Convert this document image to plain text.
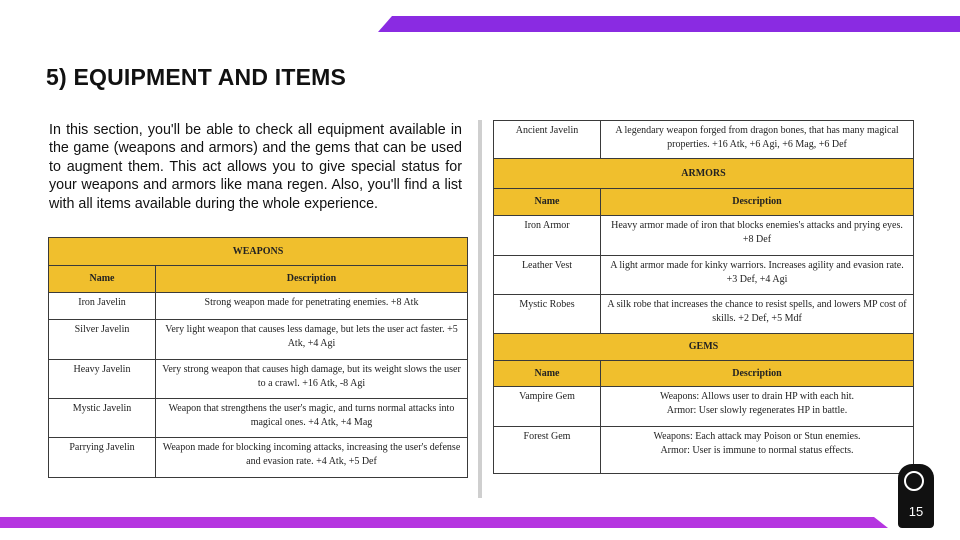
5) EQUIPMENT AND ITEMS

In this section, you'll be able to check all equipment available in the game (weapons and armors) and the gems that can be used to augment them. This act allows you to give special status for your weapons and armors like mana regen. Also, you'll find a list with all items available during the whole experience.

WEAPONS	
Name	Description
Iron Javelin	Strong weapon made for penetrating enemies. +8 Atk
Silver Javelin	Very light weapon that causes less damage, but lets the user act faster. +5 Atk, +4 Agi
Heavy Javelin	Very strong weapon that causes high damage, but its weight slows the user to a crawl. +16 Atk, -8 Agi
Mystic Javelin	Weapon that strengthens the user's magic, and turns normal attacks into magical ones. +4 Atk, +4 Mag
Parrying Javelin	Weapon made for blocking incoming attacks, increasing the user's defense and evasion rate. +4 Atk, +5 Def
Ancient Javelin	A legendary weapon forged from dragon bones, that has many magical properties. +16 Atk, +6 Agi, +6 Mag, +6 Def
ARMORS	
Name	Description
Iron Armor	Heavy armor made of iron that blocks enemies's attacks and prying eyes. +8 Def
Leather Vest	A light armor made for kinky warriors. Increases agility and evasion rate. +3 Def, +4 Agi
Mystic Robes	A silk robe that increases the chance to resist spells, and lowers MP cost of skills. +2 Def, +5 Mdf
GEMS	
Name	Description
Vampire Gem	Weapons: Allows user to drain HP with each hit.
Armor: User slowly regenerates HP in battle.

Forest Gem	Weapons: Each attack may Poison or Stun enemies.
Armor: User is immune to normal status effects.
15
